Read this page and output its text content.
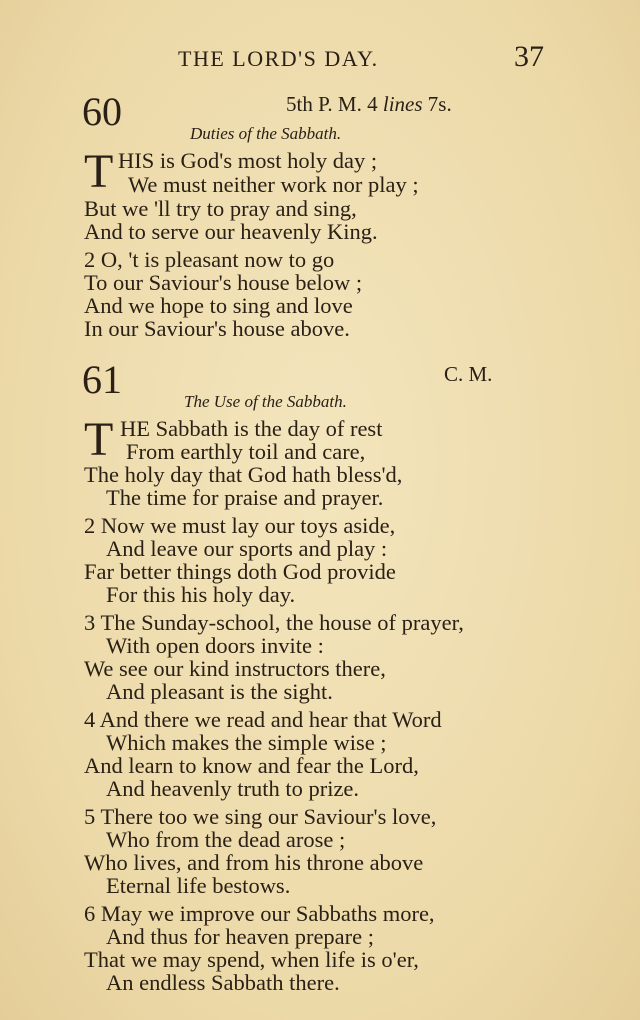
THE LORD'S DAY.	37
60	5th P. M. 4 lines 7s.
Duties of the Sabbath.
T HIS is God's most holy day ;
We must neither work nor play ;
But we 'll try to pray and sing,
And to serve our heavenly King.
2 O, 't is pleasant now to go
To our Saviour's house below ;
And we hope to sing and love
In our Saviour's house above.
61	C. M.
The Use of the Sabbath.
T HE Sabbath is the day of rest
From earthly toil and care,
The holy day that God hath bless'd,
The time for praise and prayer.
2 Now we must lay our toys aside,
And leave our sports and play :
Far better things doth God provide
For this his holy day.
3 The Sunday-school, the house of prayer,
With open doors invite :
We see our kind instructors there,
And pleasant is the sight.
4 And there we read and hear that Word
Which makes the simple wise ;
And learn to know and fear the Lord,
And heavenly truth to prize.
5 There too we sing our Saviour's love,
Who from the dead arose ;
Who lives, and from his throne above
Eternal life bestows.
6 May we improve our Sabbaths more,
And thus for heaven prepare ;
That we may spend, when life is o'er,
An endless Sabbath there.
